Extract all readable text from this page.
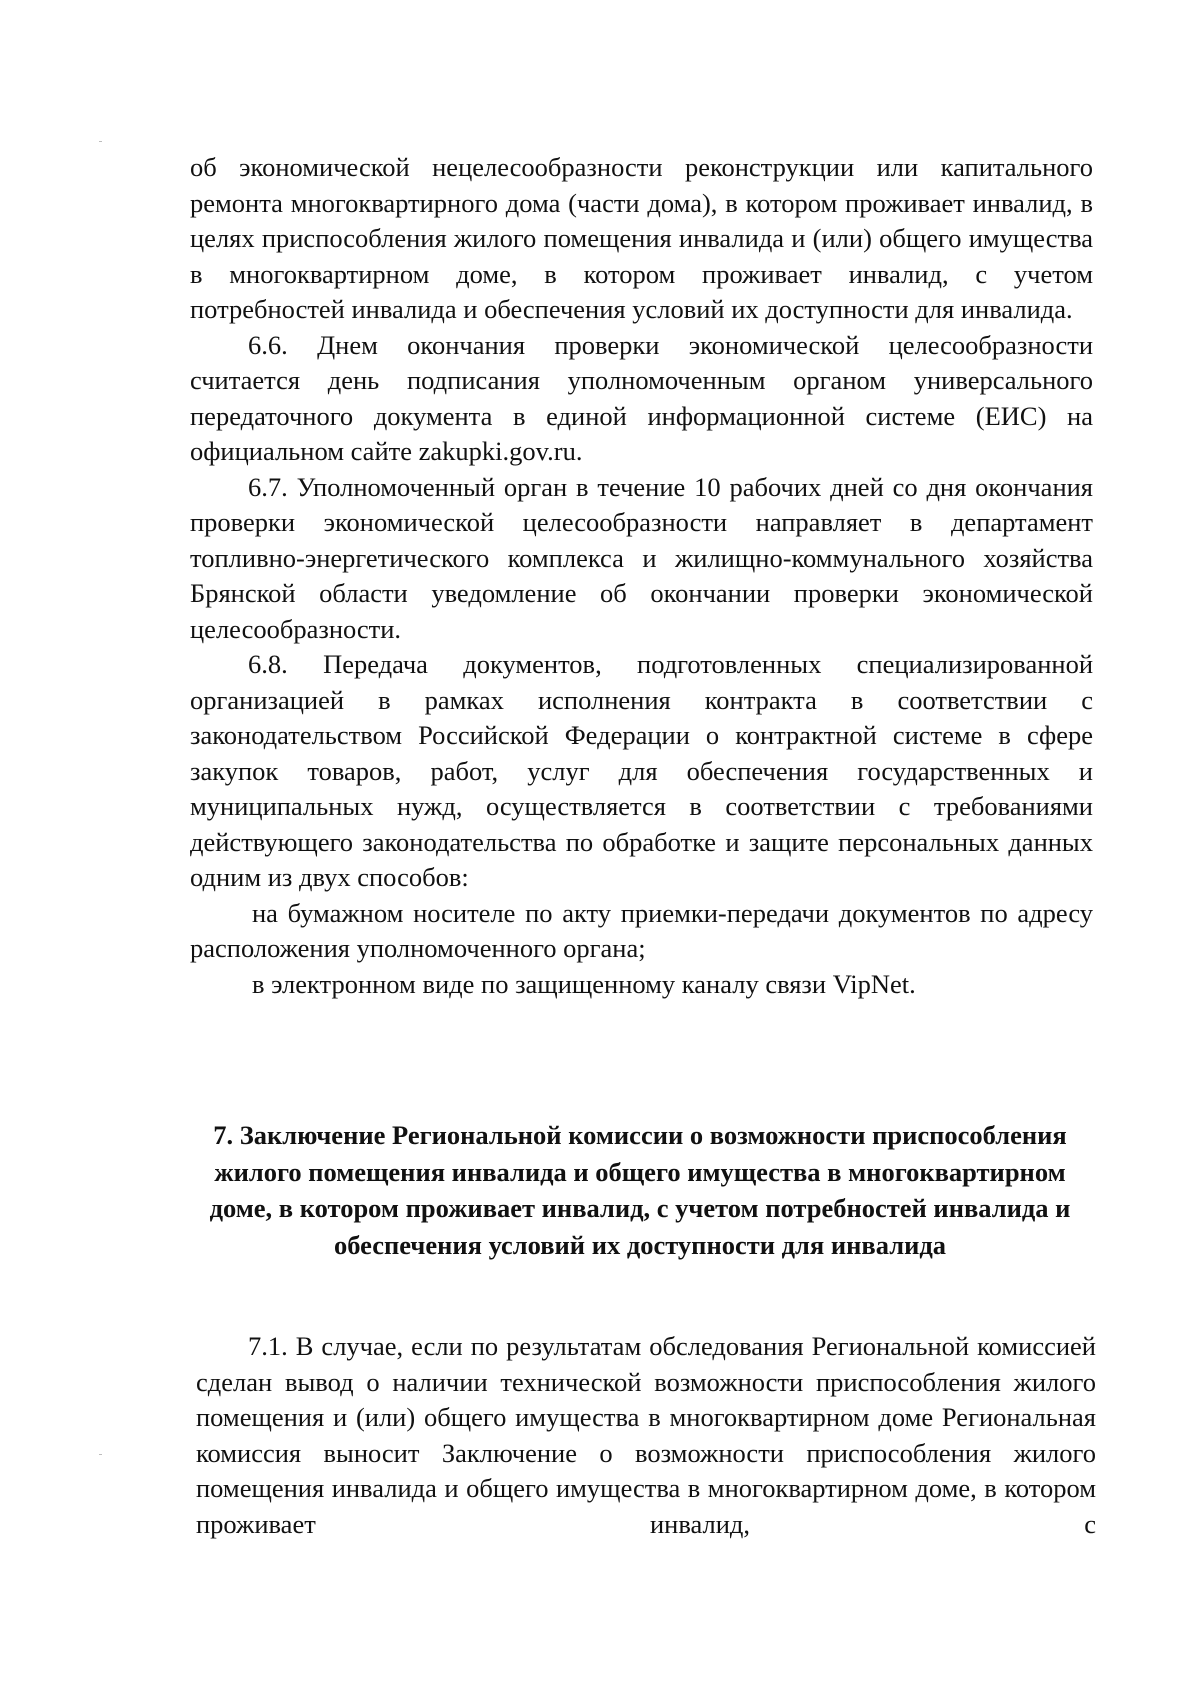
об экономической нецелесообразности реконструкции или капитального ремонта многоквартирного дома (части дома), в котором проживает инвалид, в целях приспособления жилого помещения инвалида и (или) общего имущества в многоквартирном доме, в котором проживает инвалид, с учетом потребностей инвалида и обеспечения условий их доступности для инвалида.

6.6. Днем окончания проверки экономической целесообразности считается день подписания уполномоченным органом универсального передаточного документа в единой информационной системе (ЕИС) на официальном сайте zakupki.gov.ru.

6.7. Уполномоченный орган в течение 10 рабочих дней со дня окончания проверки экономической целесообразности направляет в департамент топливно-энергетического комплекса и жилищно-коммунального хозяйства Брянской области уведомление об окончании проверки экономической целесообразности.

6.8. Передача документов, подготовленных специализированной организацией в рамках исполнения контракта в соответствии с законодательством Российской Федерации о контрактной системе в сфере закупок товаров, работ, услуг для обеспечения государственных и муниципальных нужд, осуществляется в соответствии с требованиями действующего законодательства по обработке и защите персональных данных одним из двух способов:

на бумажном носителе по акту приемки-передачи документов по адресу расположения уполномоченного органа;

в электронном виде по защищенному каналу связи VipNet.

7. Заключение Региональной комиссии о возможности приспособления жилого помещения инвалида и общего имущества в многоквартирном доме, в котором проживает инвалид, с учетом потребностей инвалида и обеспечения условий их доступности для инвалида

7.1. В случае, если по результатам обследования Региональной комиссией сделан вывод о наличии технической возможности приспособления жилого помещения и (или) общего имущества в многоквартирном доме Региональная комиссия выносит Заключение о возможности приспособления жилого помещения инвалида и общего имущества в многоквартирном доме, в котором проживает инвалид, с
